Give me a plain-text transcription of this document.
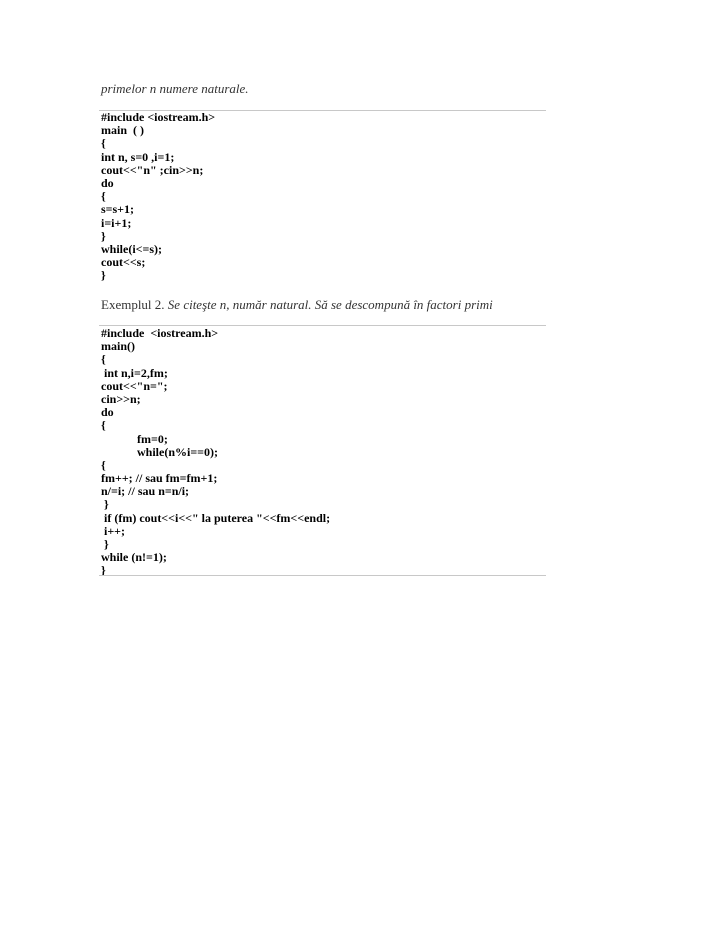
primelor n numere naturale.
#include <iostream.h>
main  ( )
{
int n, s=0 ,i=1;
cout<<"n" ;cin>>n;
do
{
s=s+1;
i=i+1;
}
while(i<=s);
cout<<s;
}
Exemplul 2. Se citeşte n, număr natural. Să se descompună în factori primi
#include  <iostream.h>
main()
{
int n,i=2,fm;
cout<<"n=";
cin>>n;
do
{
fm=0;
while(n%i==0);
{
fm++; // sau fm=fm+1;
n/=i; // sau n=n/i;
}
if (fm) cout<<i<<" la puterea "<<fm<<endl;
i++;
}
while (n!=1);
}
